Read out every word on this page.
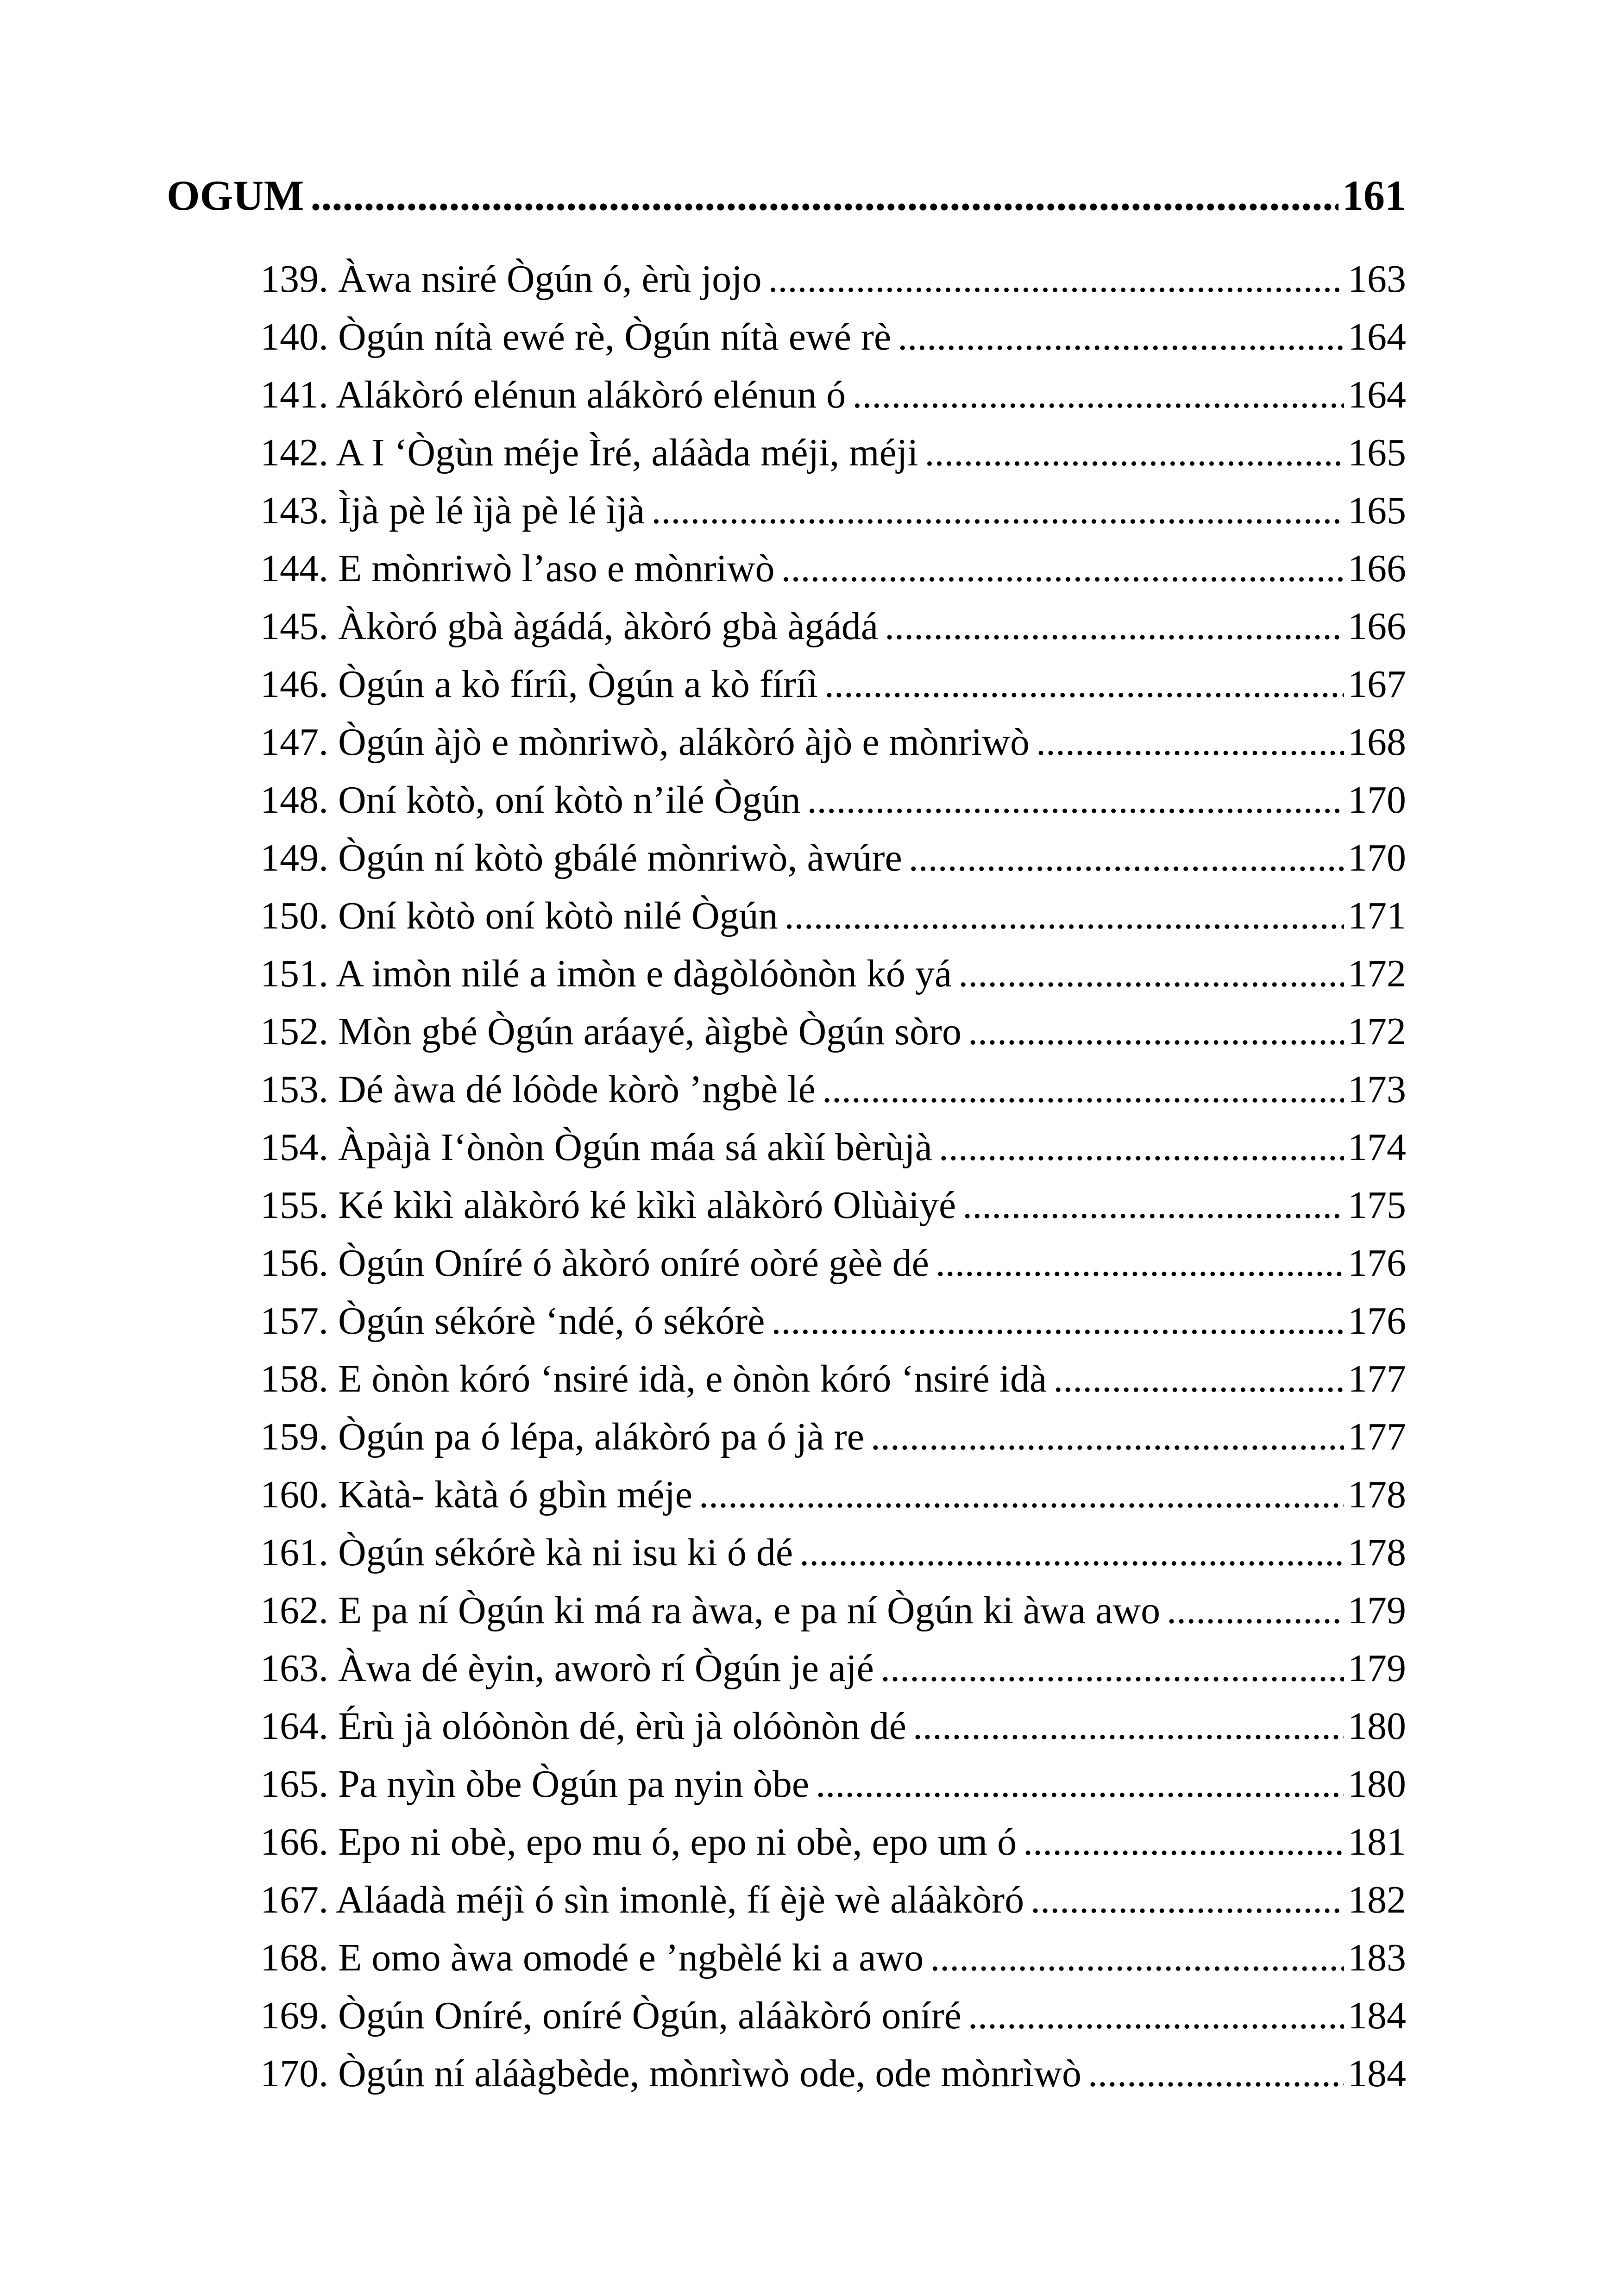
OGUM .....	161
139. Àwa nsiré Ògún ó, èrù jojo .....	163
140. Ògún nítà ewé rè, Ògún nítà ewé rè .....	164
141. Alákòró elénun alákòró elénun ó .....	164
142. A I ‘Ògùn méje Ìré, aláàda méji, méji .....	165
143. Ìjà pè lé ìjà pè lé ìjà .....	165
144. E mònriwò l’aso e mònriwò .....	166
145. Àkòró gbà àgádá, àkòró gbà àgádá .....	166
146. Ògún a kò fíríì, Ògún a kò fíríì .....	167
147. Ògún àjò e mònriwò, alákòró àjò e mònriwò .....	168
148. Oní kòtò, oní kòtò n’ilé Ògún .....	170
149. Ògún ní kòtò gbálé mònriwò, àwúre .....	170
150. Oní kòtò oní kòtò nilé Ògún .....	171
151. A imòn nilé a imòn e dàgòlóònòn kó yá .....	172
152. Mòn gbé Ògún aráayé, àìgbè Ògún sòro .....	172
153. Dé àwa dé lóòde kòrò ’ngbè lé .....	173
154. Àpàjà I‘ònòn Ògún máa sá akìí bèrùjà .....	174
155. Ké kìkì alàkòró ké kìkì alàkòró Olùàiyé .....	175
156. Ògún Oníré ó àkòró oníré oòré gèè dé .....	176
157. Ògún sékórè ‘ndé, ó sékórè .....	176
158. E ònòn kóró ‘nsiré idà, e ònòn kóró ‘nsiré idà .....	177
159. Ògún pa ó lépa, alákòró pa ó jà re .....	177
160. Kàtà- kàtà ó gbìn méje .....	178
161. Ògún sékórè kà ni isu ki ó dé .....	178
162. E pa ní Ògún ki má ra àwa, e pa ní Ògún ki àwa awo .....	179
163. Àwa dé èyin, aworò rí Ògún je ajé .....	179
164. Érù jà olóònòn dé, èrù jà olóònòn dé .....	180
165. Pa nyìn òbe Ògún pa nyin òbe .....	180
166. Epo ni obè, epo mu ó, epo ni obè, epo um ó .....	181
167. Aláadà méjì ó sìn imonlè, fí èjè wè aláàkòró .....	182
168. E omo àwa omodé e ’ngbèlé ki a awo .....	183
169. Ògún Oníré, oníré Ògún, aláàkòró oníré .....	184
170. Ògún ní aláàgbède, mònrìwò ode, ode mònrìwò .....	184
